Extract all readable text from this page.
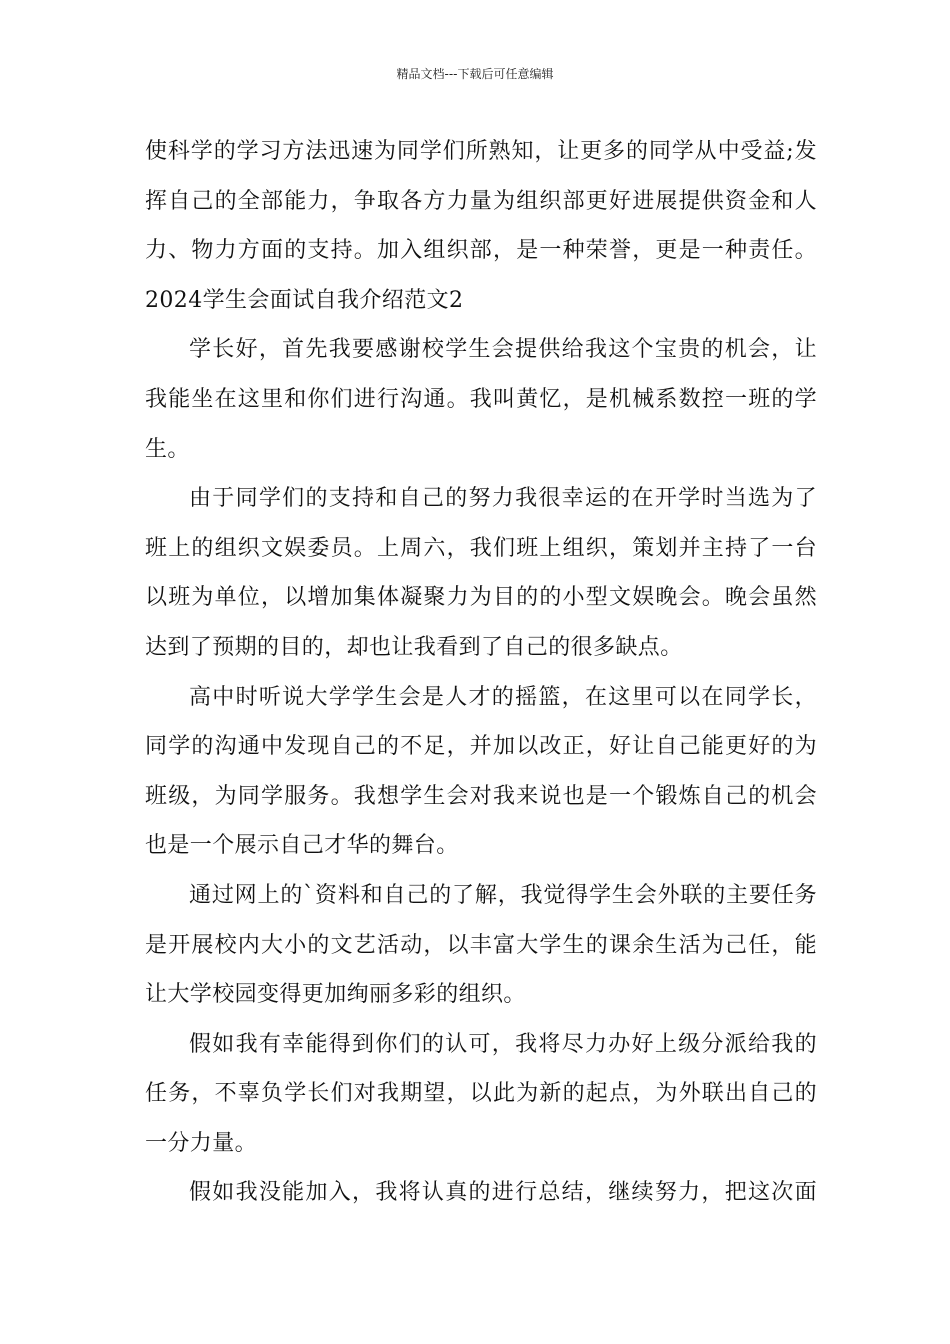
精品文档---下载后可任意编辑
使科学的学习方法迅速为同学们所熟知，让更多的同学从中受益;发
挥自己的全部能力，争取各方力量为组织部更好进展提供资金和人
力、物力方面的支持。加入组织部，是一种荣誉，更是一种责任。
2024学生会面试自我介绍范文2
学长好，首先我要感谢校学生会提供给我这个宝贵的机会，让
我能坐在这里和你们进行沟通。我叫黄忆，是机械系数控一班的学
生。
由于同学们的支持和自己的努力我很幸运的在开学时当选为了
班上的组织文娱委员。上周六，我们班上组织，策划并主持了一台
以班为单位，以增加集体凝聚力为目的的小型文娱晚会。晚会虽然
达到了预期的目的，却也让我看到了自己的很多缺点。
高中时听说大学学生会是人才的摇篮，在这里可以在同学长，
同学的沟通中发现自己的不足，并加以改正，好让自己能更好的为
班级，为同学服务。我想学生会对我来说也是一个锻炼自己的机会
也是一个展示自己才华的舞台。
通过网上的`资料和自己的了解，我觉得学生会外联的主要任务
是开展校内大小的文艺活动，以丰富大学生的课余生活为己任，能
让大学校园变得更加绚丽多彩的组织。
假如我有幸能得到你们的认可，我将尽力办好上级分派给我的
任务，不辜负学长们对我期望，以此为新的起点，为外联出自己的
一分力量。
假如我没能加入，我将认真的进行总结，继续努力，把这次面
